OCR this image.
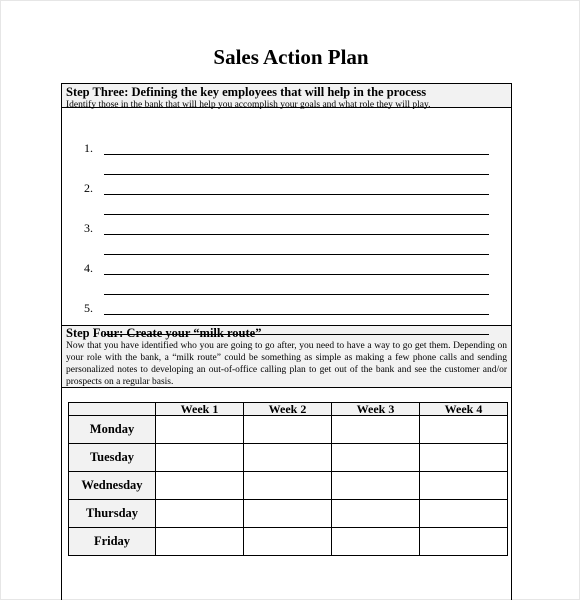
Sales Action Plan
Step Three: Defining the key employees that will help in the process
Identify those in the bank that will help you accomplish your goals and what role they will play.
1.
2.
3.
4.
5.
Step Four: Create your “milk route”
Now that you have identified who you are going to go after, you need to have a way to go get them. Depending on your role with the bank, a “milk route” could be something as simple as making a few phone calls and sending personalized notes to developing an out-of-office calling plan to get out of the bank and see the customer and/or prospects on a regular basis.
	Week 1	Week 2	Week 3	Week 4
Monday				
Tuesday				
Wednesday				
Thursday				
Friday				
